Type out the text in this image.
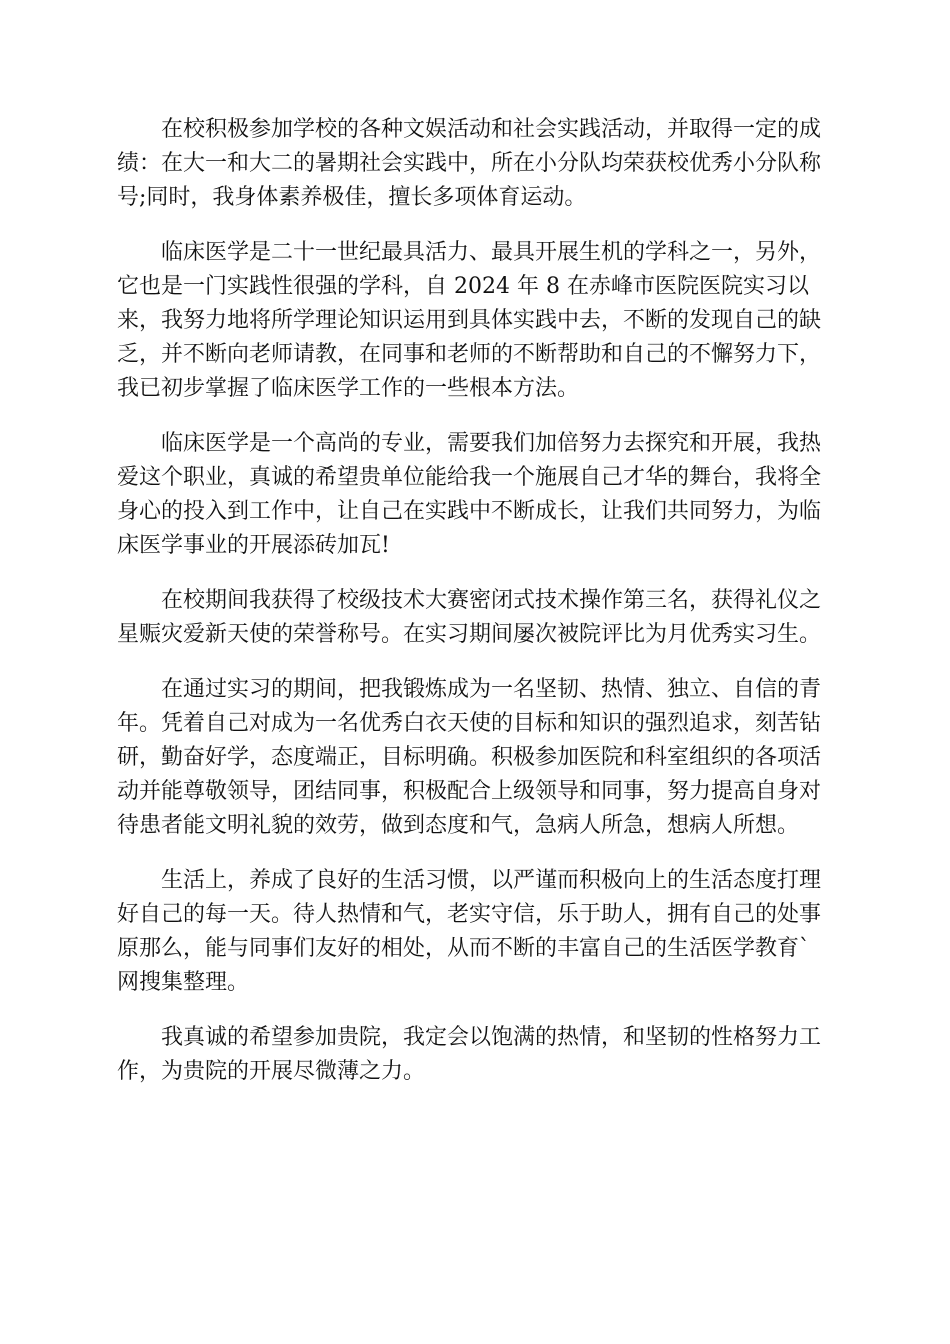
在校积极参加学校的各种文娱活动和社会实践活动，并取得一定的成
绩：在大一和大二的暑期社会实践中，所在小分队均荣获校优秀小分队称
号;同时，我身体素养极佳，擅长多项体育运动。

临床医学是二十一世纪最具活力、最具开展生机的学科之一，另外，
它也是一门实践性很强的学科，自 2024 年 8 在赤峰市医院医院实习以
来，我努力地将所学理论知识运用到具体实践中去，不断的发现自己的缺
乏，并不断向老师请教，在同事和老师的不断帮助和自己的不懈努力下，
我已初步掌握了临床医学工作的一些根本方法。

临床医学是一个高尚的专业，需要我们加倍努力去探究和开展，我热
爱这个职业，真诚的希望贵单位能给我一个施展自己才华的舞台，我将全
身心的投入到工作中，让自己在实践中不断成长，让我们共同努力，为临
床医学事业的开展添砖加瓦!

在校期间我获得了校级技术大赛密闭式技术操作第三名，获得礼仪之
星赈灾爱新天使的荣誉称号。在实习期间屡次被院评比为月优秀实习生。

在通过实习的期间，把我锻炼成为一名坚韧、热情、独立、自信的青
年。凭着自己对成为一名优秀白衣天使的目标和知识的强烈追求，刻苦钻
研，勤奋好学，态度端正，目标明确。积极参加医院和科室组织的各项活
动并能尊敬领导，团结同事，积极配合上级领导和同事，努力提高自身对
待患者能文明礼貌的效劳，做到态度和气，急病人所急，想病人所想。

生活上，养成了良好的生活习惯，以严谨而积极向上的生活态度打理
好自己的每一天。待人热情和气，老实守信，乐于助人，拥有自己的处事
原那么，能与同事们友好的相处，从而不断的丰富自己的生活医学教育`
网搜集整理。

我真诚的希望参加贵院，我定会以饱满的热情，和坚韧的性格努力工
作，为贵院的开展尽微薄之力。
